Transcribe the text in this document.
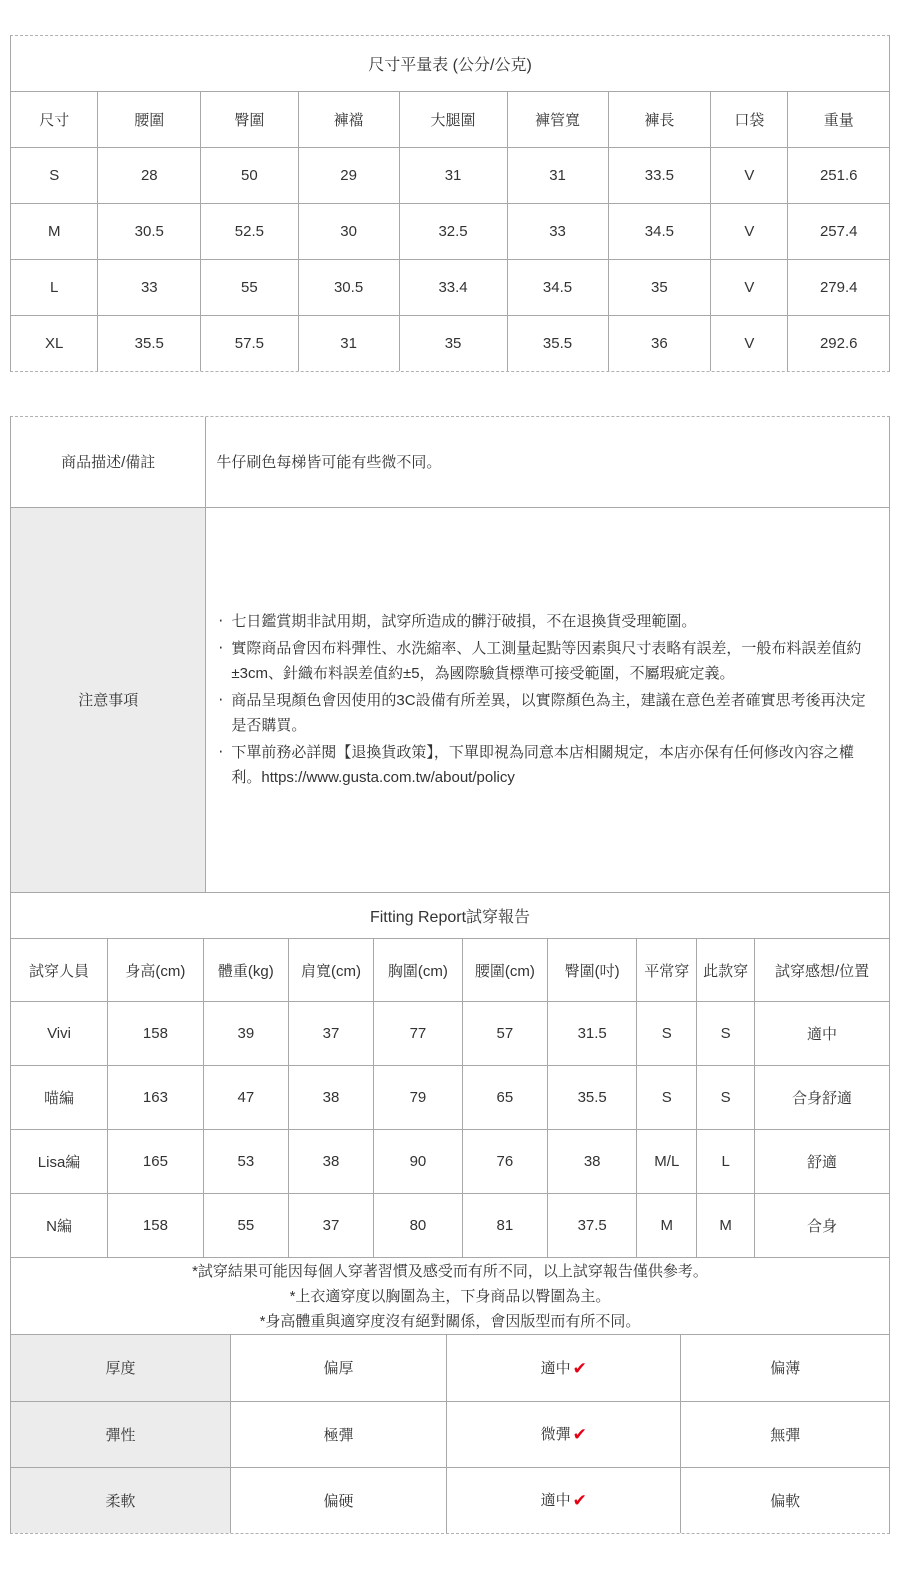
尺寸平量表 (公分/公克)								
尺寸	腰圍	臀圍	褲襠	大腿圍	褲管寬	褲長	口袋	重量
S	28	50	29	31	31	33.5	V	251.6
M	30.5	52.5	30	32.5	33	34.5	V	257.4
L	33	55	30.5	33.4	34.5	35	V	279.4
XL	35.5	57.5	31	35	35.5	36	V	292.6
商品描述/備註	牛仔刷色每梯皆可能有些微不同。
注意事項	‧ 七日鑑賞期非試用期，試穿所造成的髒汙破損，不在退換貨受理範圍。
‧ 實際商品會因布料彈性、水洗縮率、人工測量起點等因素與尺寸表略有誤差，一般布料誤差值約±3cm、針織布料誤差值約±5，為國際驗貨標準可接受範圍，不屬瑕疵定義。
‧ 商品呈現顏色會因使用的3C設備有所差異，以實際顏色為主，建議在意色差者確實思考後再決定是否購買。
‧ 下單前務必詳閱【退換貨政策】，下單即視為同意本店相關規定，本店亦保有任何修改內容之權利。https://www.gusta.com.tw/about/policy
Fitting Report試穿報告									
試穿人員	身高(cm)	體重(kg)	肩寬(cm)	胸圍(cm)	腰圍(cm)	臀圍(吋)	平常穿	此款穿	試穿感想/位置
Vivi	158	39	37	77	57	31.5	S	S	適中
喵編	163	47	38	79	65	35.5	S	S	合身舒適
Lisa編	165	53	38	90	76	38	M/L	L	舒適
N編	158	55	37	80	81	37.5	M	M	合身
*試穿結果可能因每個人穿著習慣及感受而有所不同，以上試穿報告僅供參考。
*上衣適穿度以胸圍為主，下身商品以臀圍為主。
*身高體重與適穿度沒有絕對關係，會因版型而有所不同。
厚度	偏厚	適中 ✔	偏薄
彈性	極彈	微彈 ✔	無彈
柔軟	偏硬	適中 ✔	偏軟
